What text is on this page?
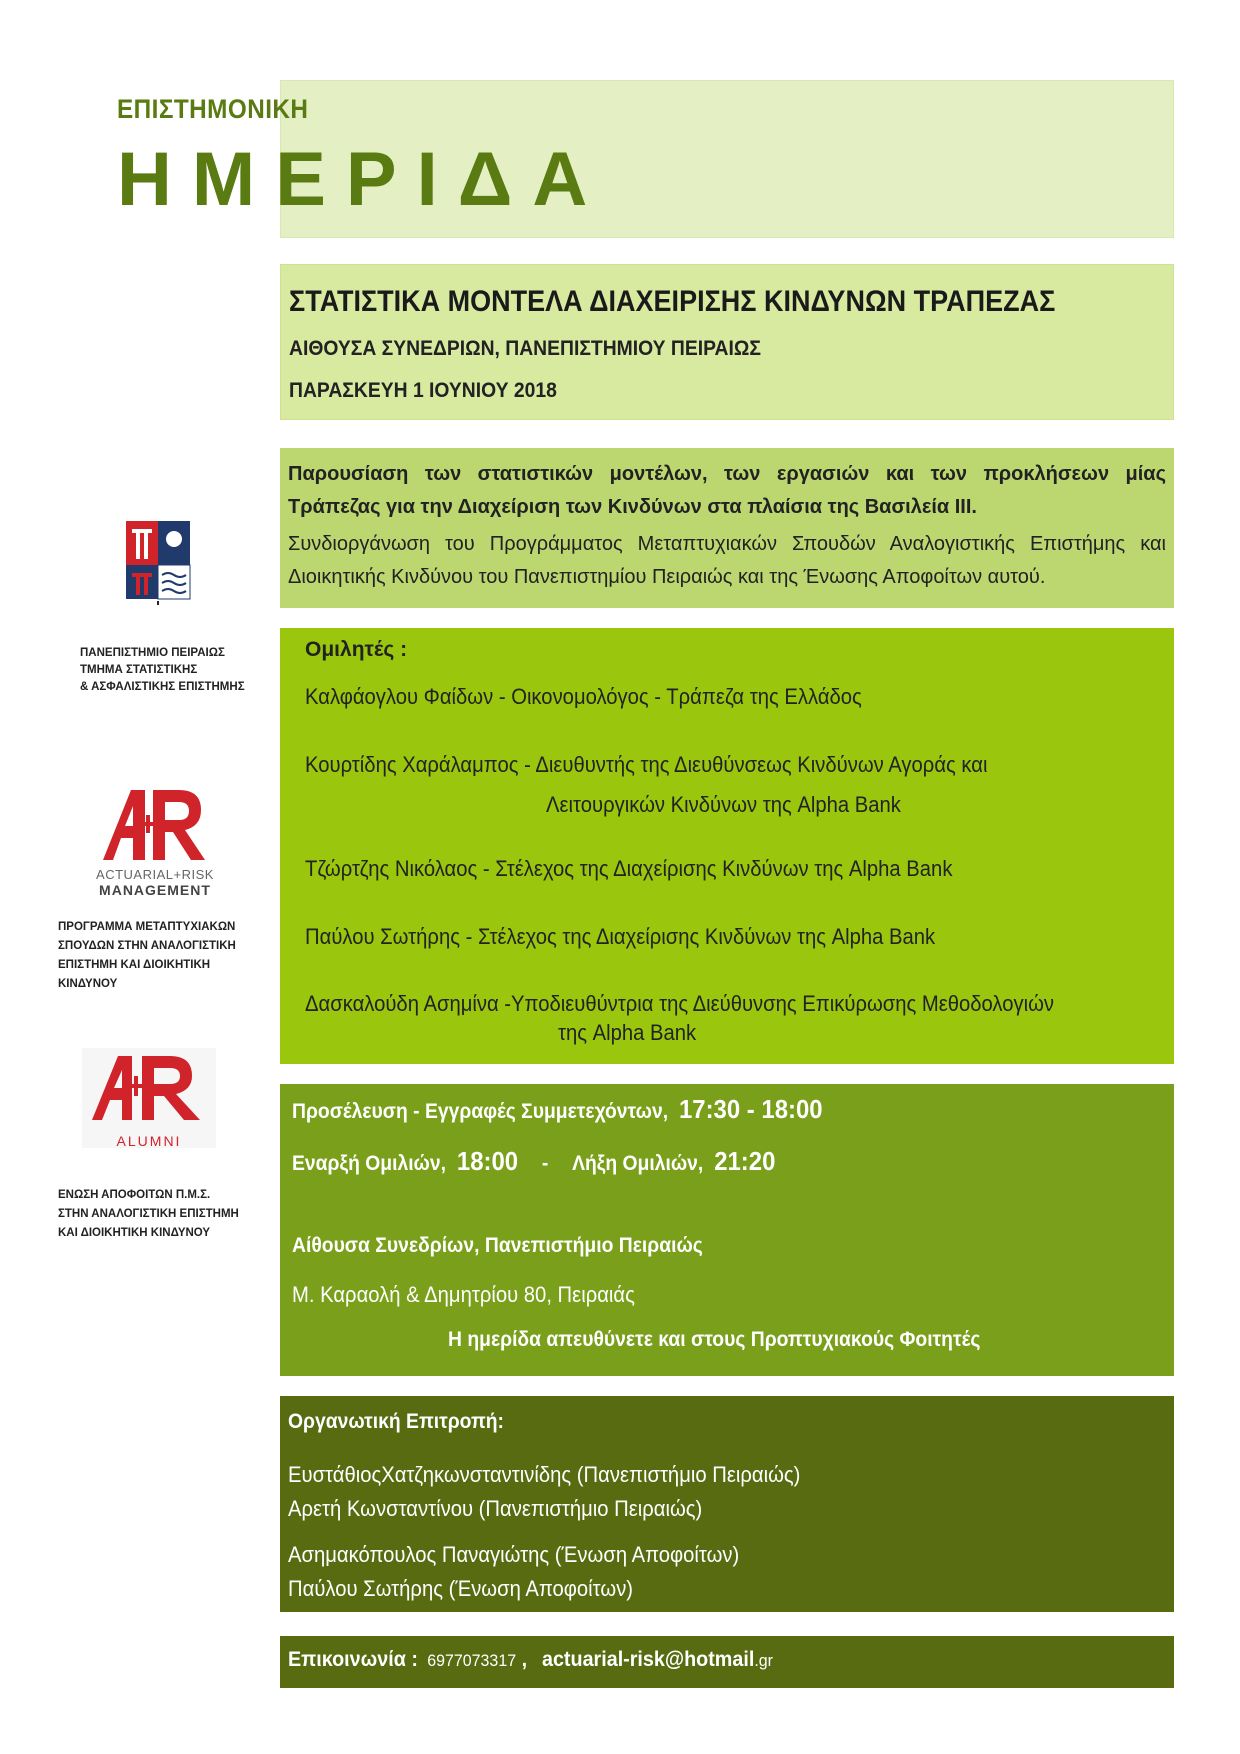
ΕΠΙΣΤΗΜΟΝΙΚΗ
ΗΜΕΡΙΔΑ
ΣΤΑΤΙΣΤΙΚΑ ΜΟΝΤΕΛΑ ΔΙΑΧΕΙΡΙΣΗΣ ΚΙΝΔΥΝΩΝ ΤΡΑΠΕΖΑΣ
ΑΙΘΟΥΣΑ ΣΥΝΕΔΡΙΩΝ, ΠΑΝΕΠΙΣΤΗΜΙΟΥ ΠΕΙΡΑΙΩΣ
ΠΑΡΑΣΚΕΥΗ 1 ΙΟΥΝΙΟΥ 2018
Παρουσίαση των στατιστικών μοντέλων, των εργασιών και των προκλήσεων μίας Τράπεζας για την Διαχείριση των Κινδύνων στα πλαίσια της Βασιλεία ΙΙΙ.
Συνδιοργάνωση του Προγράμματος Μεταπτυχιακών Σπουδών Αναλογιστικής Επιστήμης και Διοικητικής Κινδύνου του Πανεπιστημίου Πειραιώς και της Ένωσης Αποφοίτων αυτού.
Ομιλητές :
Καλφάογλου Φαίδων - Οικονομολόγος - Τράπεζα της Ελλάδος
Κουρτίδης Χαράλαμπος - Διευθυντής της Διευθύνσεως Κινδύνων Αγοράς και
Λειτουργικών Κινδύνων της Alpha Bank
Τζώρτζης Νικόλαος - Στέλεχος της Διαχείρισης Κινδύνων της Alpha Bank
Παύλου Σωτήρης - Στέλεχος της Διαχείρισης Κινδύνων της Alpha Bank
Δασκαλούδη Ασημίνα -Υποδιευθύντρια της Διεύθυνσης Επικύρωσης Μεθοδολογιών
της Alpha Bank
Προσέλευση - Εγγραφές Συμμετεχόντων, 17:30 - 18:00
Εναρξή Ομιλιών, 18:00 - Λήξη Ομιλιών, 21:20
Αίθουσα Συνεδρίων, Πανεπιστήμιο Πειραιώς
Μ. Καραολή & Δημητρίου 80, Πειραιάς
Η ημερίδα απευθύνετε και στους Προπτυχιακούς Φοιτητές
Οργανωτική Επιτροπή:
ΕυστάθιοςΧατζηκωνσταντινίδης (Πανεπιστήμιο Πειραιώς)
Αρετή Κωνσταντίνου (Πανεπιστήμιο Πειραιώς)
Ασημακόπουλος Παναγιώτης (Ένωση Αποφοίτων)
Παύλου Σωτήρης (Ένωση Αποφοίτων)
Επικοινωνία : 6977073317 , actuarial-risk@hotmail.gr
ΠΑΝΕΠΙΣΤΗΜΙΟ ΠΕΙΡΑΙΩΣ
ΤΜΗΜΑ ΣΤΑΤΙΣΤΙΚΗΣ
& ΑΣΦΑΛΙΣΤΙΚΗΣ ΕΠΙΣΤΗΜΗΣ
ACTUARIAL+RISK
MANAGEMENT
ΠΡΟΓΡΑΜΜΑ ΜΕΤΑΠΤΥΧΙΑΚΩΝ
ΣΠΟΥΔΩΝ ΣΤΗΝ ΑΝΑΛΟΓΙΣΤΙΚΗ
ΕΠΙΣΤΗΜΗ ΚΑΙ ΔΙΟΙΚΗΤΙΚΗ
ΚΙΝΔΥΝΟΥ
ALUMNI
ΕΝΩΣΗ ΑΠΟΦΟΙΤΩΝ Π.Μ.Σ.
ΣΤΗΝ ΑΝΑΛΟΓΙΣΤΙΚΗ ΕΠΙΣΤΗΜΗ
ΚΑΙ ΔΙΟΙΚΗΤΙΚΗ ΚΙΝΔΥΝΟΥ
